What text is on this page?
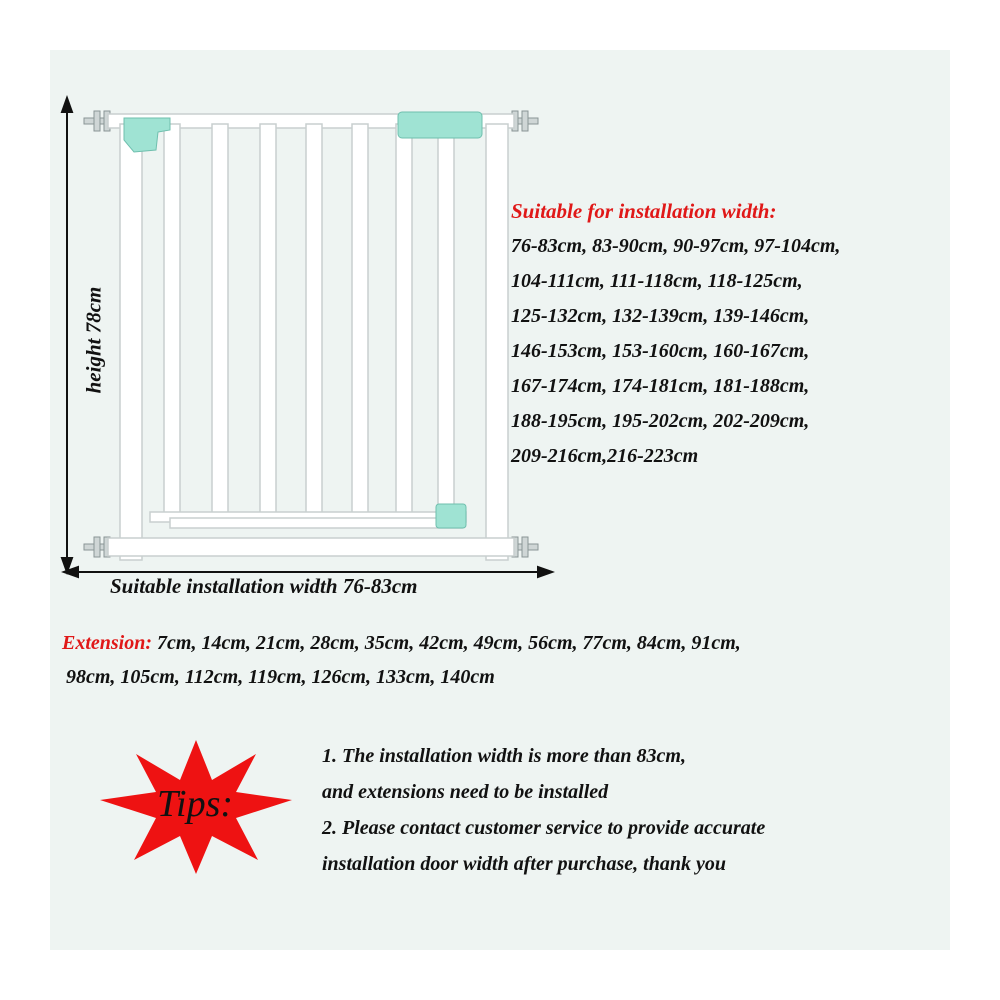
height 78cm
Suitable installation width 76-83cm
Suitable for installation width:
76-83cm, 83-90cm, 90-97cm, 97-104cm,
104-111cm, 111-118cm, 118-125cm,
125-132cm, 132-139cm, 139-146cm,
146-153cm, 153-160cm, 160-167cm,
167-174cm, 174-181cm, 181-188cm,
188-195cm, 195-202cm, 202-209cm,
209-216cm,216-223cm
Extension: 7cm, 14cm, 21cm, 28cm, 35cm, 42cm, 49cm, 56cm, 77cm, 84cm, 91cm,
98cm, 105cm, 112cm, 119cm, 126cm, 133cm, 140cm
Tips:
1. The installation width is more than 83cm,
and extensions need to be installed
2. Please contact customer service to provide accurate
installation door width after purchase, thank you
